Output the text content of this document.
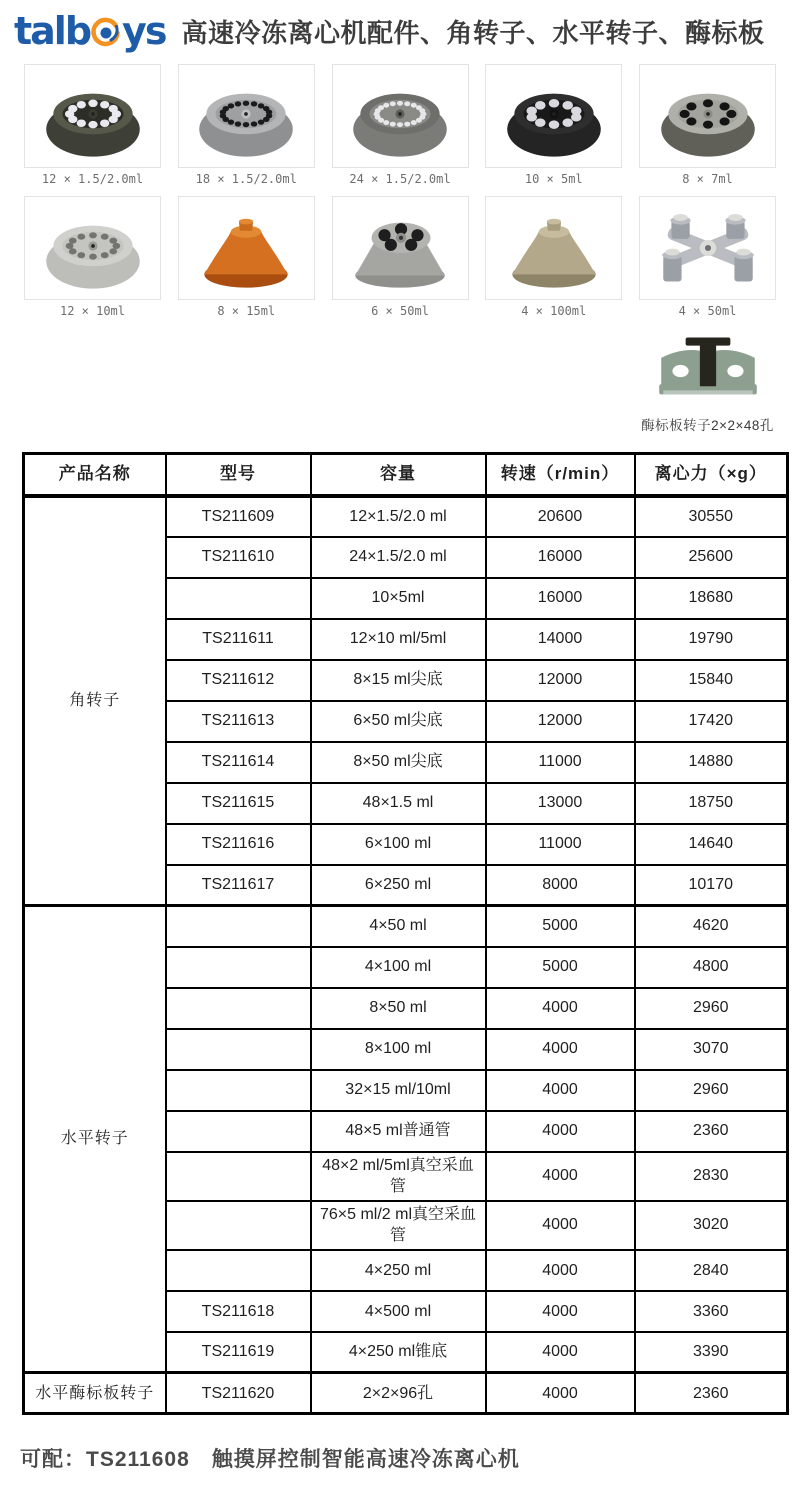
talb ys 高速冷冻离心机配件、角转子、水平转子、酶标板
12 × 1.5/2.0ml	18 × 1.5/2.0ml	24 × 1.5/2.0ml	10 × 5ml	8 × 7ml
12 × 10ml	8 × 15ml	6 × 50ml	4 × 100ml	4 × 50ml
酶标板转子2×2×48孔
产品名称	型号	容量	转速（r/min）	离心力（×g）
角转子	TS211609	12×1.5/2.0 ml	20600	30550
	TS211610	24×1.5/2.0 ml	16000	25600
		10×5ml	16000	18680
	TS211611	12×10 ml/5ml	14000	19790
	TS211612	8×15 ml尖底	12000	15840
	TS211613	6×50 ml尖底	12000	17420
	TS211614	8×50 ml尖底	11000	14880
	TS211615	48×1.5 ml	13000	18750
	TS211616	6×100 ml	11000	14640
	TS211617	6×250 ml	8000	10170
水平转子		4×50 ml	5000	4620
		4×100 ml	5000	4800
		8×50 ml	4000	2960
		8×100 ml	4000	3070
		32×15 ml/10ml	4000	2960
		48×5 ml普通管	4000	2360
		48×2 ml/5ml真空采血管	4000	2830
		76×5 ml/2 ml真空采血管	4000	3020
		4×250 ml	4000	2840
	TS211618	4×500 ml	4000	3360
	TS211619	4×250 ml锥底	4000	3390
水平酶标板转子	TS211620	2×2×96孔	4000	2360
可配：TS211608　触摸屏控制智能高速冷冻离心机
